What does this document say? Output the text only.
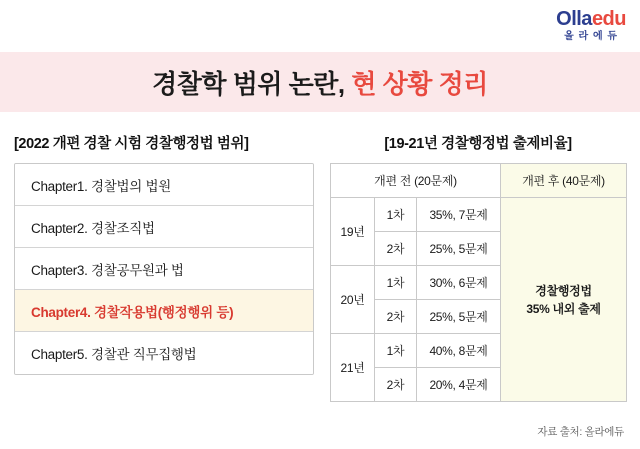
Ollaedu
올 라 에 듀
경찰학 범위 논란, 현 상황 정리
[2022 개편 경찰 시험 경찰행정법 범위]
Chapter1. 경찰법의 법원
Chapter2. 경찰조직법
Chapter3. 경찰공무원과 법
Chapter4. 경찰작용법(행정행위 등)
Chapter5. 경찰관 직무집행법
[19-21년 경찰행정법 출제비율]
개편 전 (20문제)			개편 후 (40문제)
19년	1차	35%, 7문제	경찰행정법
35% 내외 출제

	2차	25%, 5문제	
20년	1차	30%, 6문제	
	2차	25%, 5문제	
21년	1차	40%, 8문제	
	2차	20%, 4문제	
자료 출처: 올라에듀
